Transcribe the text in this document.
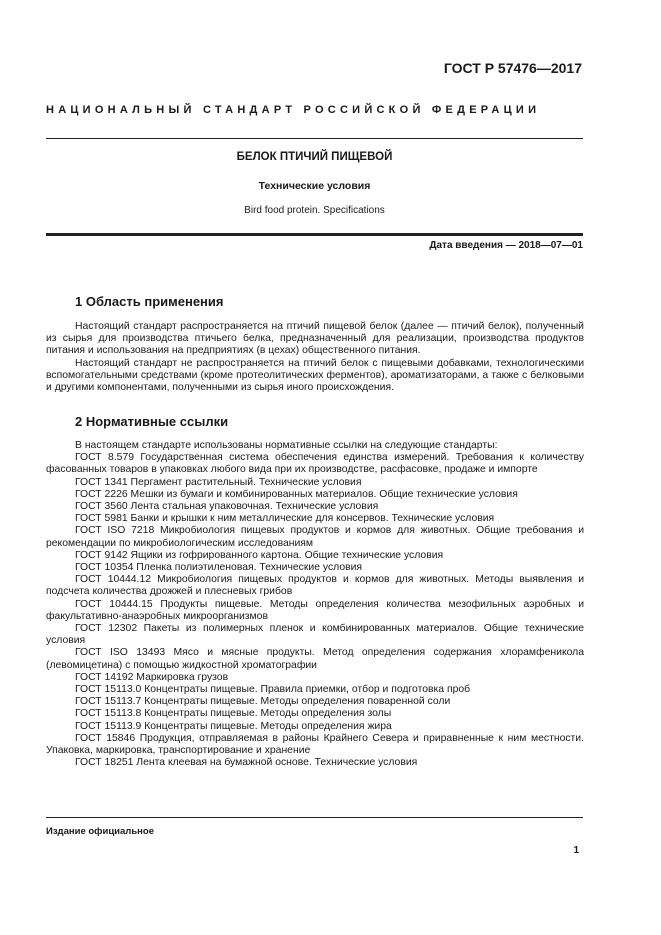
ГОСТ Р 57476—2017
НАЦИОНАЛЬНЫЙ СТАНДАРТ РОССИЙСКОЙ ФЕДЕРАЦИИ
БЕЛОК ПТИЧИЙ ПИЩЕВОЙ
Технические условия
Bird food protein. Specifications
Дата введения — 2018—07—01
1 Область применения

Настоящий стандарт распространяется на птичий пищевой белок (далее — птичий белок), полученный из сырья для производства птичьего белка, предназначенный для реализации, производства продуктов питания и использования на предприятиях (в цехах) общественного питания.

Настоящий стандарт не распространяется на птичий белок с пищевыми добавками, технологическими вспомогательными средствами (кроме протеолитических ферментов), ароматизаторами, а также с белковыми и другими компонентами, полученными из сырья иного происхождения.

2 Нормативные ссылки

В настоящем стандарте использованы нормативные ссылки на следующие стандарты:

ГОСТ 8.579 Государственная система обеспечения единства измерений. Требования к количеству фасованных товаров в упаковках любого вида при их производстве, расфасовке, продаже и импорте

ГОСТ 1341 Пергамент растительный. Технические условия

ГОСТ 2226 Мешки из бумаги и комбинированных материалов. Общие технические условия

ГОСТ 3560 Лента стальная упаковочная. Технические условия

ГОСТ 5981 Банки и крышки к ним металлические для консервов. Технические условия

ГОСТ ISO 7218 Микробиология пищевых продуктов и кормов для животных. Общие требования и рекомендации по микробиологическим исследованиям

ГОСТ 9142 Ящики из гофрированного картона. Общие технические условия

ГОСТ 10354 Пленка полиэтиленовая. Технические условия

ГОСТ 10444.12 Микробиология пищевых продуктов и кормов для животных. Методы выявления и подсчета количества дрожжей и плесневых грибов

ГОСТ 10444.15 Продукты пищевые. Методы определения количества мезофильных аэробных и факультативно-анаэробных микроорганизмов

ГОСТ 12302 Пакеты из полимерных пленок и комбинированных материалов. Общие технические условия

ГОСТ ISO 13493 Мясо и мясные продукты. Метод определения содержания хлорамфеникола (левомицетина) с помощью жидкостной хроматографии

ГОСТ 14192 Маркировка грузов

ГОСТ 15113.0 Концентраты пищевые. Правила приемки, отбор и подготовка проб

ГОСТ 15113.7 Концентраты пищевые. Методы определения поваренной соли

ГОСТ 15113.8 Концентраты пищевые. Методы определения золы

ГОСТ 15113.9 Концентраты пищевые. Методы определения жира

ГОСТ 15846 Продукция, отправляемая в районы Крайнего Севера и приравненные к ним местности. Упаковка, маркировка, транспортирование и хранение

ГОСТ 18251 Лента клеевая на бумажной основе. Технические условия

Издание официальное
1
